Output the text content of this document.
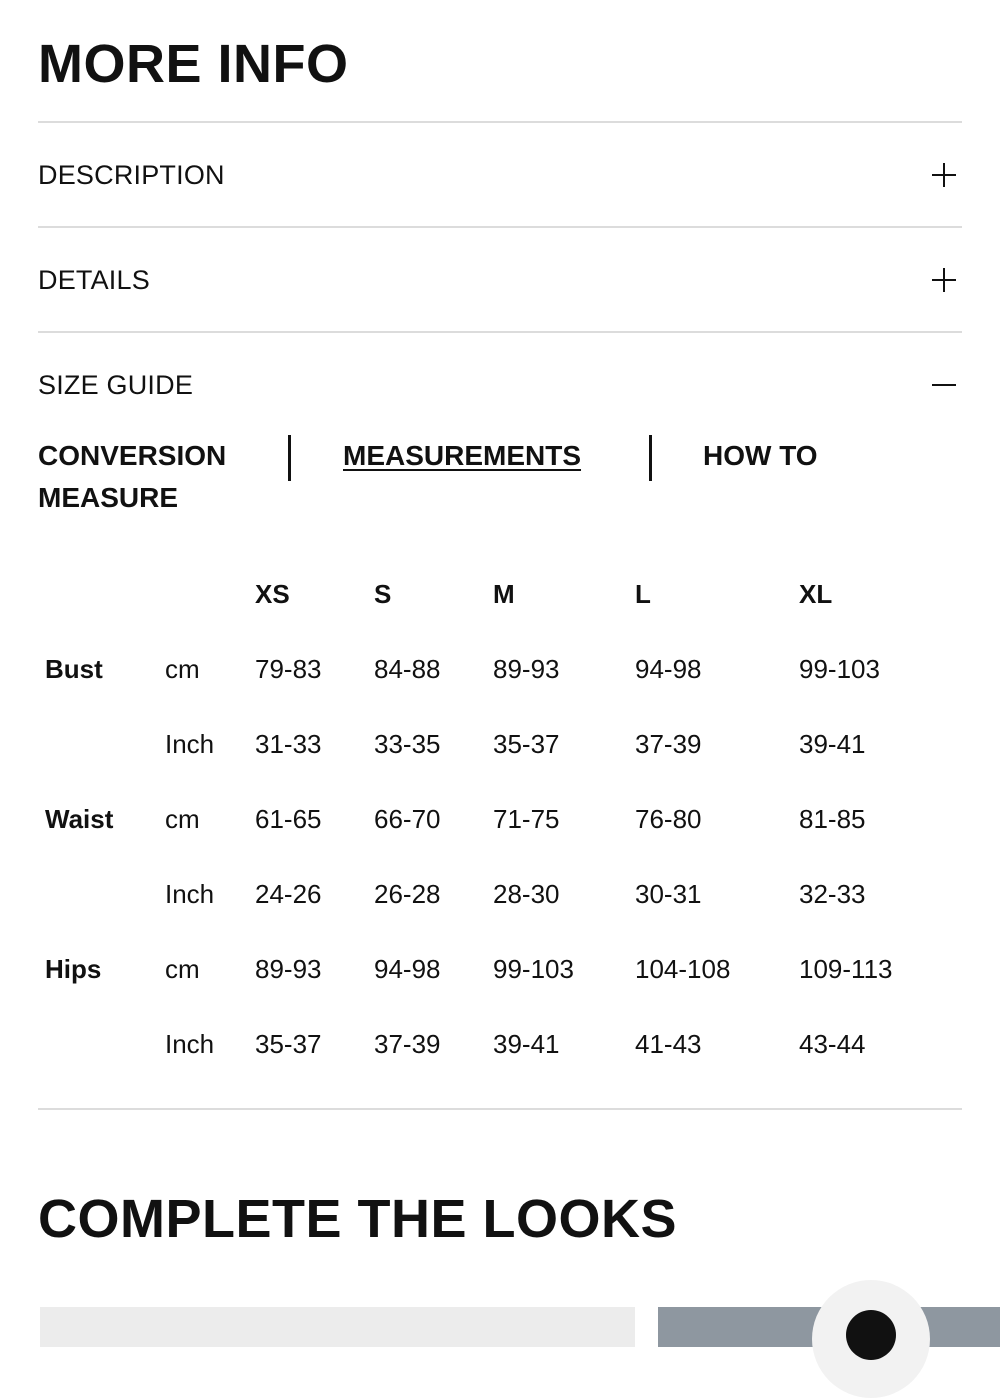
MORE INFO
DESCRIPTION
DETAILS
SIZE GUIDE
CONVERSION MEASURE
MEASUREMENTS	HOW TO
XS	S	M	L	XL
Bust cm 79-83 84-88 89-93	94-98	99-103
Inch 31-33 33-35 35-37	37-39	39-41
Waist cm 61-65 66-70 71-75	76-80	81-85
Inch 24-26 26-28 28-30	30-31	32-33
Hips cm 89-93 94-98 99-103 104-108	109-113
Inch 35-37 37-39 39-41	41-43	43-44
COMPLETE THE LOOKS
